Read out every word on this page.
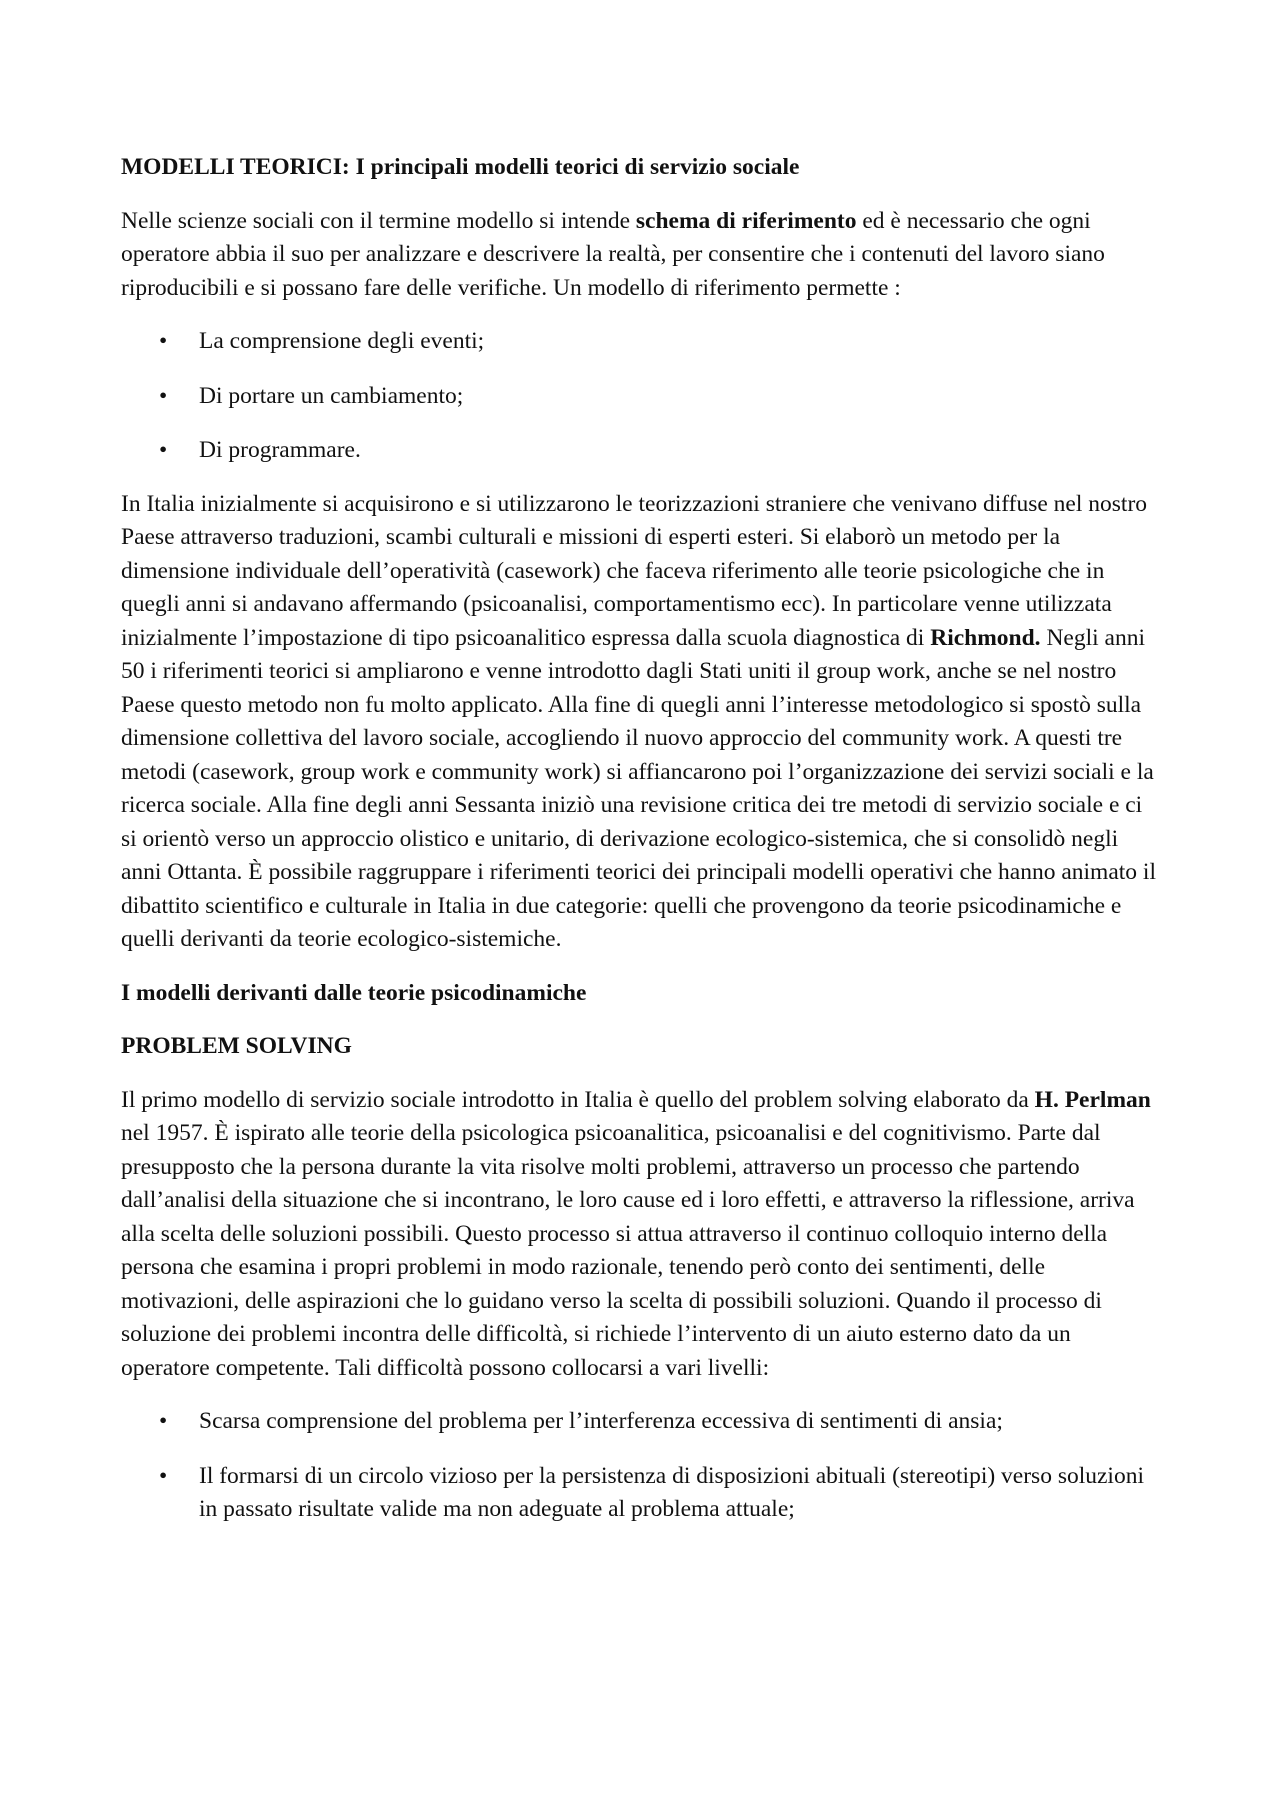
MODELLI TEORICI: I principali modelli teorici di servizio sociale

Nelle scienze sociali con il termine modello si intende schema di riferimento ed è necessario che ogni operatore abbia il suo per analizzare e descrivere la realtà, per consentire che i contenuti del lavoro siano riproducibili e si possano fare delle verifiche. Un modello di riferimento permette :

• La comprensione degli eventi;
• Di portare un cambiamento;
• Di programmare.

In Italia inizialmente si acquisirono e si utilizzarono le teorizzazioni straniere che venivano diffuse nel nostro Paese attraverso traduzioni, scambi culturali e missioni di esperti esteri. Si elaborò un metodo per la dimensione individuale dell’operatività (casework) che faceva riferimento alle teorie psicologiche che in quegli anni si andavano affermando (psicoanalisi, comportamentismo ecc). In particolare venne utilizzata inizialmente l’impostazione di tipo psicoanalitico espressa dalla scuola diagnostica di Richmond. Negli anni 50 i riferimenti teorici si ampliarono e venne introdotto dagli Stati uniti il group work, anche se nel nostro Paese questo metodo non fu molto applicato. Alla fine di quegli anni l’interesse metodologico si spostò sulla dimensione collettiva del lavoro sociale, accogliendo il nuovo approccio del community work. A questi tre metodi (casework, group work e community work) si affiancarono poi l’organizzazione dei servizi sociali e la ricerca sociale. Alla fine degli anni Sessanta iniziò una revisione critica dei tre metodi di servizio sociale e ci si orientò verso un approccio olistico e unitario, di derivazione ecologico-sistemica, che si consolidò negli anni Ottanta. È possibile raggruppare i riferimenti teorici dei principali modelli operativi che hanno animato il dibattito scientifico e culturale in Italia in due categorie: quelli che provengono da teorie psicodinamiche e quelli derivanti da teorie ecologico-sistemiche.

I modelli derivanti dalle teorie psicodinamiche

PROBLEM SOLVING

Il primo modello di servizio sociale introdotto in Italia è quello del problem solving elaborato da H. Perlman nel 1957. È ispirato alle teorie della psicologica psicoanalitica, psicoanalisi e del cognitivismo. Parte dal presupposto che la persona durante la vita risolve molti problemi, attraverso un processo che partendo dall’analisi della situazione che si incontrano, le loro cause ed i loro effetti, e attraverso la riflessione, arriva alla scelta delle soluzioni possibili. Questo processo si attua attraverso il continuo colloquio interno della persona che esamina i propri problemi in modo razionale, tenendo però conto dei sentimenti, delle motivazioni, delle aspirazioni che lo guidano verso la scelta di possibili soluzioni. Quando il processo di soluzione dei problemi incontra delle difficoltà, si richiede l’intervento di un aiuto esterno dato da un operatore competente. Tali difficoltà possono collocarsi a vari livelli:

• Scarsa comprensione del problema per l’interferenza eccessiva di sentimenti di ansia;
• Il formarsi di un circolo vizioso per la persistenza di disposizioni abituali (stereotipi) verso soluzioni in passato risultate valide ma non adeguate al problema attuale;
